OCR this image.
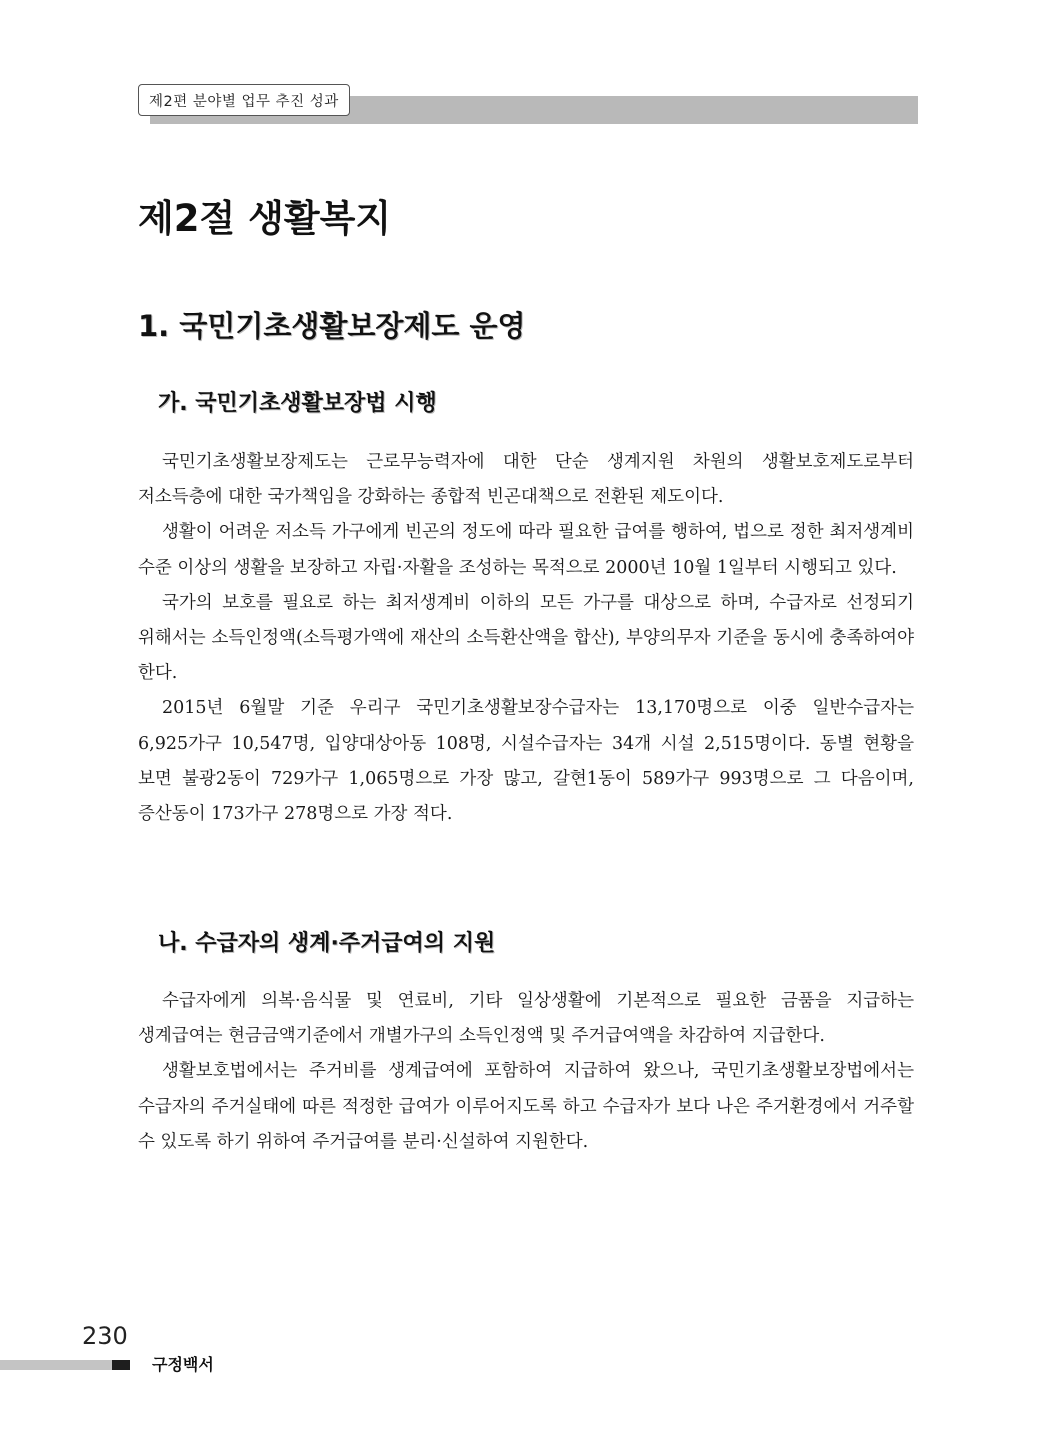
제2편 분야별 업무 추진 성과
제2절 생활복지
1. 국민기초생활보장제도 운영
가. 국민기초생활보장법 시행

국민기초생활보장제도는 근로무능력자에 대한 단순 생계지원 차원의 생활보호제도로부터 저소득층에 대한 국가책임을 강화하는 종합적 빈곤대책으로 전환된 제도이다.

생활이 어려운 저소득 가구에게 빈곤의 정도에 따라 필요한 급여를 행하여, 법으로 정한 최저생계비 수준 이상의 생활을 보장하고 자립·자활을 조성하는 목적으로 2000년 10월 1일부터 시행되고 있다.

국가의 보호를 필요로 하는 최저생계비 이하의 모든 가구를 대상으로 하며, 수급자로 선정되기 위해서는 소득인정액(소득평가액에 재산의 소득환산액을 합산), 부양의무자 기준을 동시에 충족하여야 한다.

2015년 6월말 기준 우리구 국민기초생활보장수급자는 13,170명으로 이중 일반수급자는 6,925가구 10,547명, 입양대상아동 108명, 시설수급자는 34개 시설 2,515명이다. 동별 현황을 보면 불광2동이 729가구 1,065명으로 가장 많고, 갈현1동이 589가구 993명으로 그 다음이며, 증산동이 173가구 278명으로 가장 적다.

나. 수급자의 생계·주거급여의 지원

수급자에게 의복·음식물 및 연료비, 기타 일상생활에 기본적으로 필요한 금품을 지급하는 생계급여는 현금금액기준에서 개별가구의 소득인정액 및 주거급여액을 차감하여 지급한다.

생활보호법에서는 주거비를 생계급여에 포함하여 지급하여 왔으나, 국민기초생활보장법에서는 수급자의 주거실태에 따른 적정한 급여가 이루어지도록 하고 수급자가 보다 나은 주거환경에서 거주할 수 있도록 하기 위하여 주거급여를 분리·신설하여 지원한다.

230
구정백서
